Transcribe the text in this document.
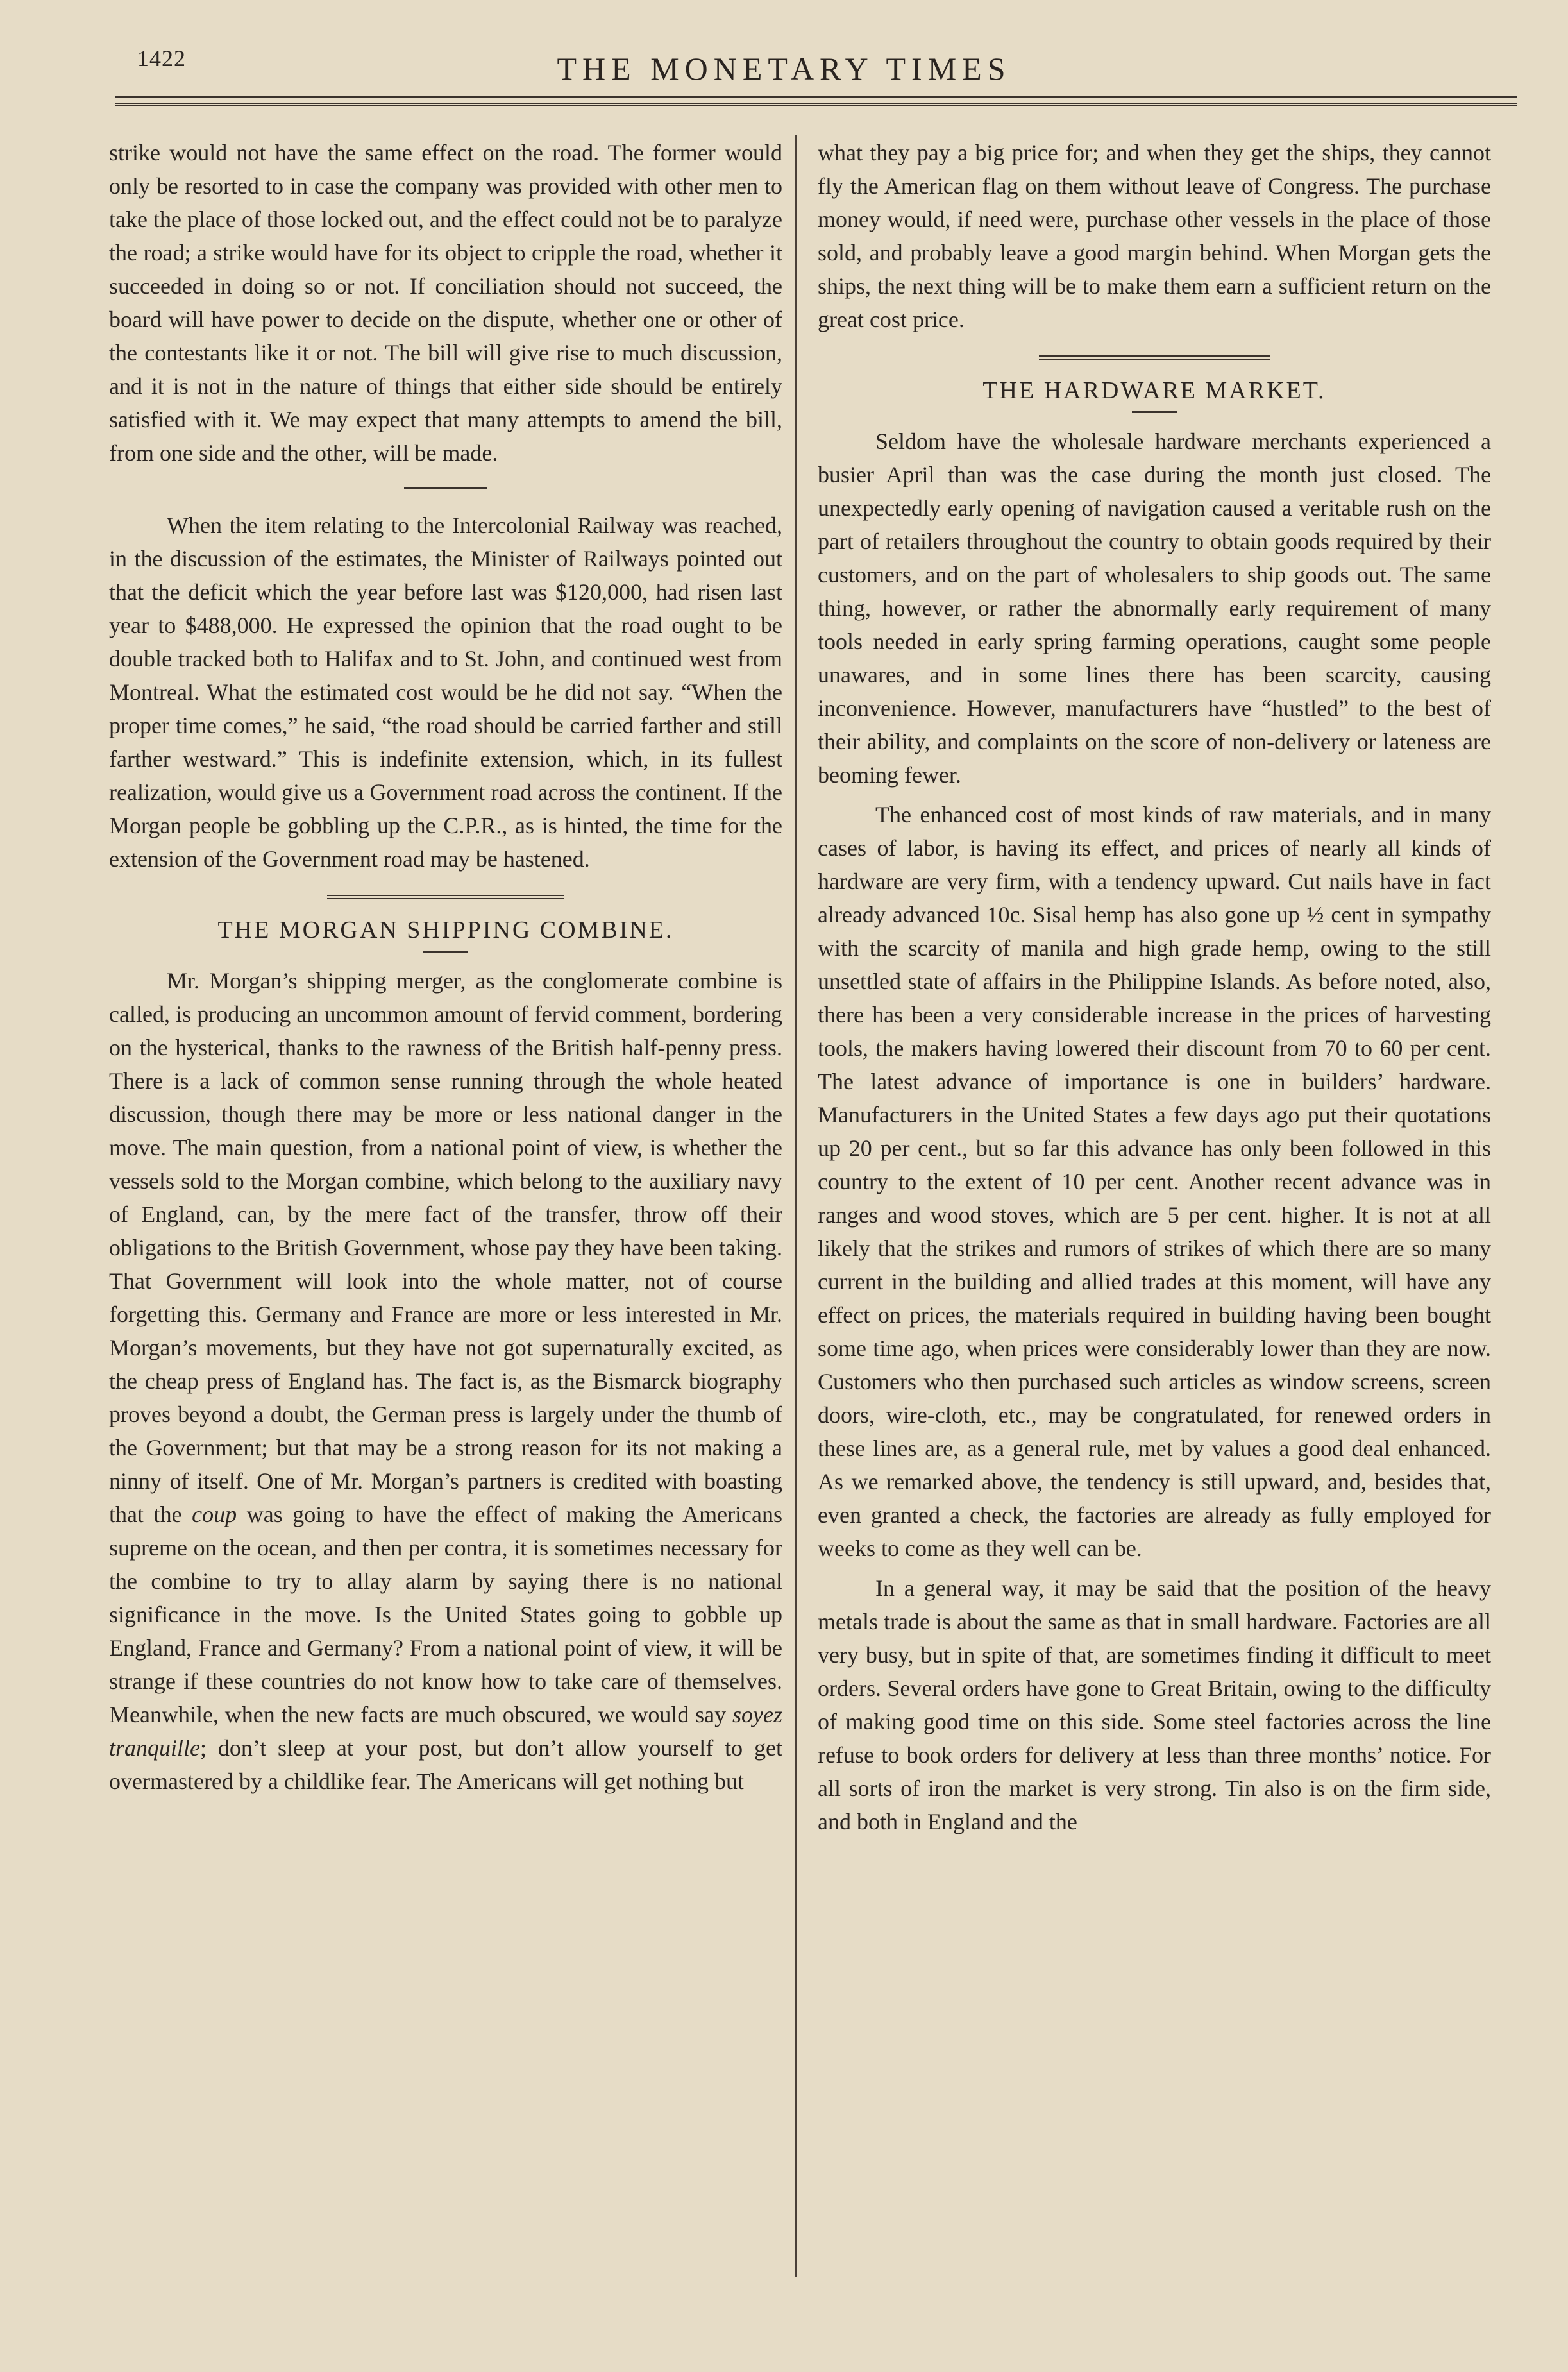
1422	THE MONETARY TIMES

strike would not have the same effect on the road. The former would only be resorted to in case the company was provided with other men to take the place of those locked out, and the effect could not be to paralyze the road; a strike would have for its object to cripple the road, whether it succeeded in doing so or not. If conciliation should not succeed, the board will have power to decide on the dispute, whether one or other of the contestants like it or not. The bill will give rise to much discussion, and it is not in the nature of things that either side should be entirely satisfied with it. We may expect that many attempts to amend the bill, from one side and the other, will be made.

When the item relating to the Intercolonial Railway was reached, in the discussion of the estimates, the Minister of Railways pointed out that the deficit which the year before last was $120,000, had risen last year to $488,000. He expressed the opinion that the road ought to be double tracked both to Halifax and to St. John, and continued west from Montreal. What the estimated cost would be he did not say. “When the proper time comes,” he said, “the road should be carried farther and still farther westward.” This is indefinite extension, which, in its fullest realization, would give us a Government road across the continent. If the Morgan people be gobbling up the C.P.R., as is hinted, the time for the extension of the Government road may be hastened.

THE MORGAN SHIPPING COMBINE.

Mr. Morgan’s shipping merger, as the conglomerate combine is called, is producing an uncommon amount of fervid comment, bordering on the hysterical, thanks to the rawness of the British half-penny press. There is a lack of common sense running through the whole heated discussion, though there may be more or less national danger in the move. The main question, from a national point of view, is whether the vessels sold to the Morgan combine, which belong to the auxiliary navy of England, can, by the mere fact of the transfer, throw off their obligations to the British Government, whose pay they have been taking. That Government will look into the whole matter, not of course forgetting this. Germany and France are more or less interested in Mr. Morgan’s movements, but they have not got supernaturally excited, as the cheap press of England has. The fact is, as the Bismarck biography proves beyond a doubt, the German press is largely under the thumb of the Government; but that may be a strong reason for its not making a ninny of itself. One of Mr. Morgan’s partners is credited with boasting that the coup was going to have the effect of making the Americans supreme on the ocean, and then per contra, it is sometimes necessary for the combine to try to allay alarm by saying there is no national significance in the move. Is the United States going to gobble up England, France and Germany? From a national point of view, it will be strange if these countries do not know how to take care of themselves. Meanwhile, when the new facts are much obscured, we would say soyez tranquille; don’t sleep at your post, but don’t allow yourself to get overmastered by a childlike fear. The Americans will get nothing but

what they pay a big price for; and when they get the ships, they cannot fly the American flag on them without leave of Congress. The purchase money would, if need were, purchase other vessels in the place of those sold, and probably leave a good margin behind. When Morgan gets the ships, the next thing will be to make them earn a sufficient return on the great cost price.

THE HARDWARE MARKET.

Seldom have the wholesale hardware merchants experienced a busier April than was the case during the month just closed. The unexpectedly early opening of navigation caused a veritable rush on the part of retailers throughout the country to obtain goods required by their customers, and on the part of wholesalers to ship goods out. The same thing, however, or rather the abnormally early requirement of many tools needed in early spring farming operations, caught some people unawares, and in some lines there has been scarcity, causing inconvenience. However, manufacturers have “hustled” to the best of their ability, and complaints on the score of non-delivery or lateness are beoming fewer.

The enhanced cost of most kinds of raw materials, and in many cases of labor, is having its effect, and prices of nearly all kinds of hardware are very firm, with a tendency upward. Cut nails have in fact already advanced 10c. Sisal hemp has also gone up ½ cent in sympathy with the scarcity of manila and high grade hemp, owing to the still unsettled state of affairs in the Philippine Islands. As before noted, also, there has been a very considerable increase in the prices of harvesting tools, the makers having lowered their discount from 70 to 60 per cent. The latest advance of importance is one in builders’ hardware. Manufacturers in the United States a few days ago put their quotations up 20 per cent., but so far this advance has only been followed in this country to the extent of 10 per cent. Another recent advance was in ranges and wood stoves, which are 5 per cent. higher. It is not at all likely that the strikes and rumors of strikes of which there are so many current in the building and allied trades at this moment, will have any effect on prices, the materials required in building having been bought some time ago, when prices were considerably lower than they are now. Customers who then purchased such articles as window screens, screen doors, wire-cloth, etc., may be congratulated, for renewed orders in these lines are, as a general rule, met by values a good deal enhanced. As we remarked above, the tendency is still upward, and, besides that, even granted a check, the factories are already as fully employed for weeks to come as they well can be.

In a general way, it may be said that the position of the heavy metals trade is about the same as that in small hardware. Factories are all very busy, but in spite of that, are sometimes finding it difficult to meet orders. Several orders have gone to Great Britain, owing to the difficulty of making good time on this side. Some steel factories across the line refuse to book orders for delivery at less than three months’ notice. For all sorts of iron the market is very strong. Tin also is on the firm side, and both in England and the
